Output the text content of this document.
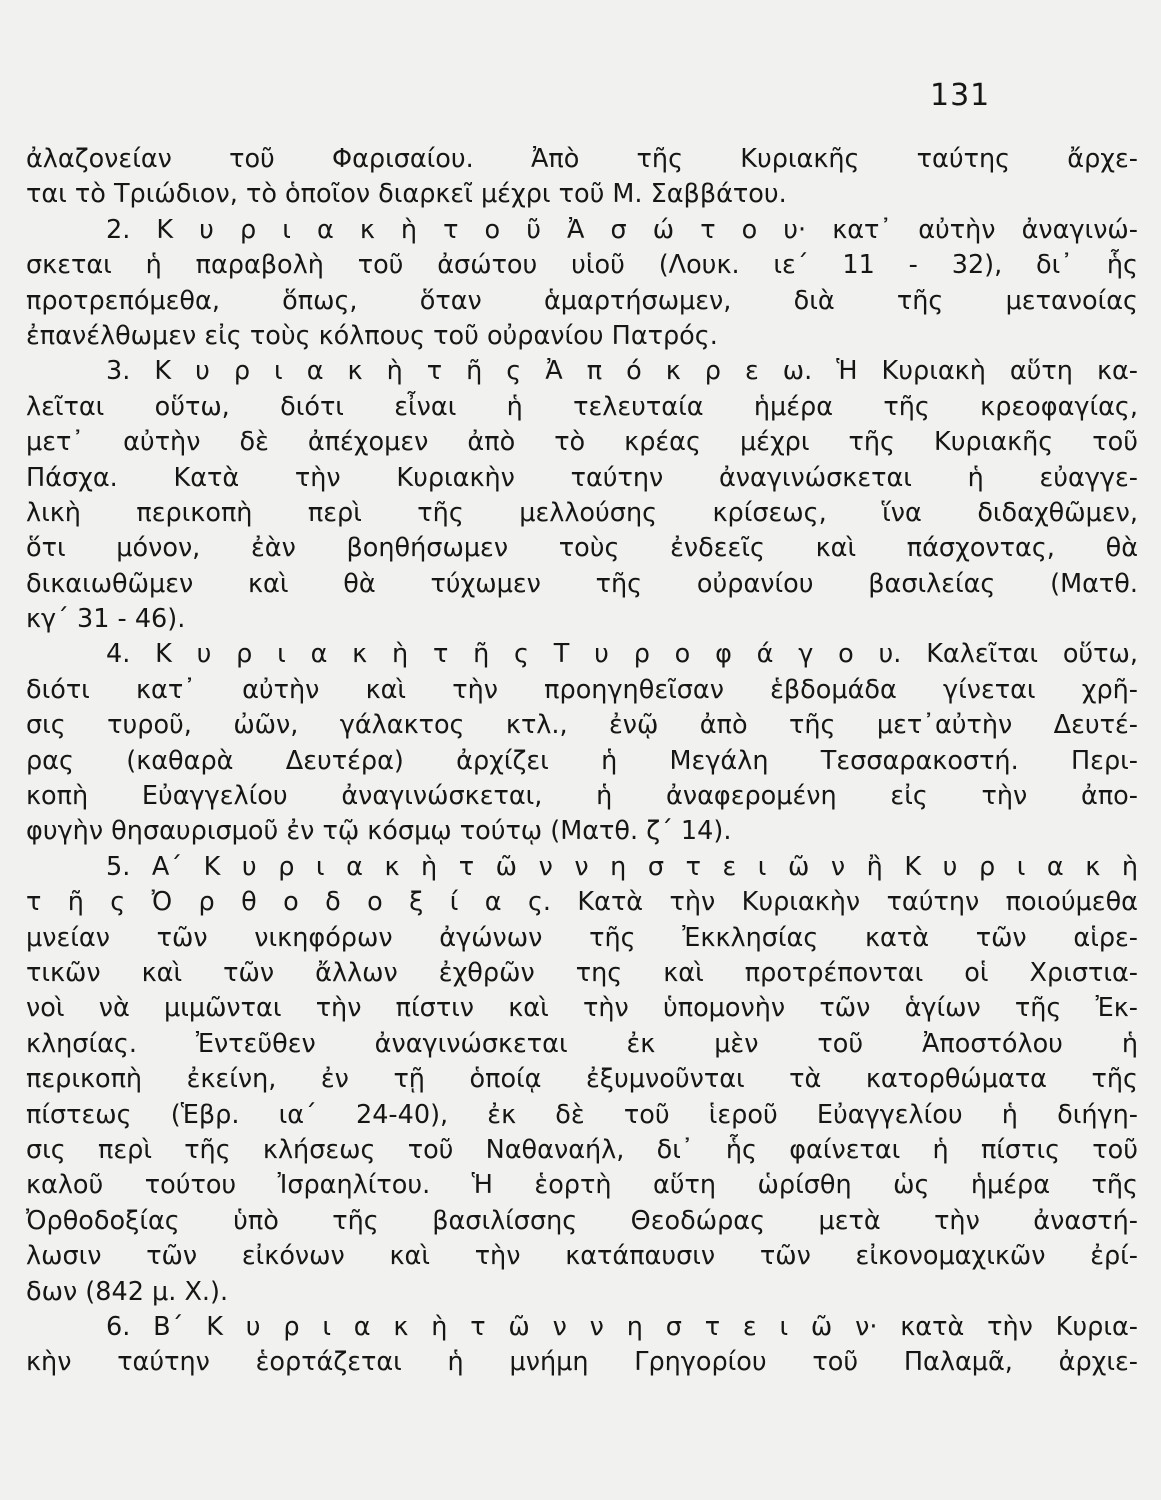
131
ἀλαζονείαν τοῦ Φαρισαίου. Ἀπὸ τῆς Κυριακῆς ταύτης ἄρχε-
ται τὸ Τριώδιον, τὸ ὁποῖον διαρκεῖ μέχρι τοῦ Μ. Σαββάτου.
2. Κ υ ρ ι α κ ὴ τ ο ῦ Ἀ σ ώ τ ο υ· κατ᾽ αὐτὴν ἀναγινώ-
σκεται ἡ παραβολὴ τοῦ ἀσώτου υἱοῦ (Λουκ. ιε΄ 11 - 32), δι᾽ ἧς
προτρεπόμεθα, ὅπως, ὅταν ἁμαρτήσωμεν, διὰ τῆς μετανοίας
ἐπανέλθωμεν εἰς τοὺς κόλπους τοῦ οὐρανίου Πατρός.
3. Κ υ ρ ι α κ ὴ τ ῆ ς Ἀ π ό κ ρ ε ω. Ἡ Κυριακὴ αὕτη κα-
λεῖται οὕτω, διότι εἶναι ἡ τελευταία ἡμέρα τῆς κρεοφαγίας,
μετ᾽ αὐτὴν δὲ ἀπέχομεν ἀπὸ τὸ κρέας μέχρι τῆς Κυριακῆς τοῦ
Πάσχα. Κατὰ τὴν Κυριακὴν ταύτην ἀναγινώσκεται ἡ εὐαγγε-
λικὴ περικοπὴ περὶ τῆς μελλούσης κρίσεως, ἵνα διδαχθῶμεν,
ὅτι μόνον, ἐὰν βοηθήσωμεν τοὺς ἐνδεεῖς καὶ πάσχοντας, θὰ
δικαιωθῶμεν καὶ θὰ τύχωμεν τῆς οὐρανίου βασιλείας (Ματθ.
κγ΄ 31 - 46).
4. Κ υ ρ ι α κ ὴ τ ῆ ς Τ υ ρ ο φ ά γ ο υ. Καλεῖται οὕτω,
διότι κατ᾽ αὐτὴν καὶ τὴν προηγηθεῖσαν ἑβδομάδα γίνεται χρῆ-
σις τυροῦ, ὠῶν, γάλακτος κτλ., ἐνῷ ἀπὸ τῆς μετ᾽αὐτὴν Δευτέ-
ρας (καθαρὰ Δευτέρα) ἀρχίζει ἡ Μεγάλη Τεσσαρακοστή. Περι-
κοπὴ Εὐαγγελίου ἀναγινώσκεται, ἡ ἀναφερομένη εἰς τὴν ἀπο-
φυγὴν θησαυρισμοῦ ἐν τῷ κόσμῳ τούτῳ (Ματθ. ζ΄ 14).
5. Α΄ Κ υ ρ ι α κ ὴ τ ῶ ν ν η σ τ ε ι ῶ ν ἢ Κ υ ρ ι α κ ὴ
τ ῆ ς Ὀ ρ θ ο δ ο ξ ί α ς. Κατὰ τὴν Κυριακὴν ταύτην ποιούμεθα
μνείαν τῶν νικηφόρων ἀγώνων τῆς Ἐκκλησίας κατὰ τῶν αἱρε-
τικῶν καὶ τῶν ἄλλων ἐχθρῶν της καὶ προτρέπονται οἱ Χριστια-
νοὶ νὰ μιμῶνται τὴν πίστιν καὶ τὴν ὑπομονὴν τῶν ἁγίων τῆς Ἐκ-
κλησίας. Ἐντεῦθεν ἀναγινώσκεται ἐκ μὲν τοῦ Ἀποστόλου ἡ
περικοπὴ ἐκείνη, ἐν τῇ ὁποίᾳ ἐξυμνοῦνται τὰ κατορθώματα τῆς
πίστεως (Ἑβρ. ια΄ 24-40), ἐκ δὲ τοῦ ἱεροῦ Εὐαγγελίου ἡ διήγη-
σις περὶ τῆς κλήσεως τοῦ Ναθαναήλ, δι᾽ ἧς φαίνεται ἡ πίστις τοῦ
καλοῦ τούτου Ἰσραηλίτου. Ἡ ἑορτὴ αὕτη ὡρίσθη ὡς ἡμέρα τῆς
Ὀρθοδοξίας ὑπὸ τῆς βασιλίσσης Θεοδώρας μετὰ τὴν ἀναστή-
λωσιν τῶν εἰκόνων καὶ τὴν κατάπαυσιν τῶν εἰκονομαχικῶν ἐρί-
δων (842 μ. Χ.).
6. Β΄ Κ υ ρ ι α κ ὴ τ ῶ ν ν η σ τ ε ι ῶ ν· κατὰ τὴν Κυρια-
κὴν ταύτην ἑορτάζεται ἡ μνήμη Γρηγορίου τοῦ Παλαμᾶ, ἀρχιε-
